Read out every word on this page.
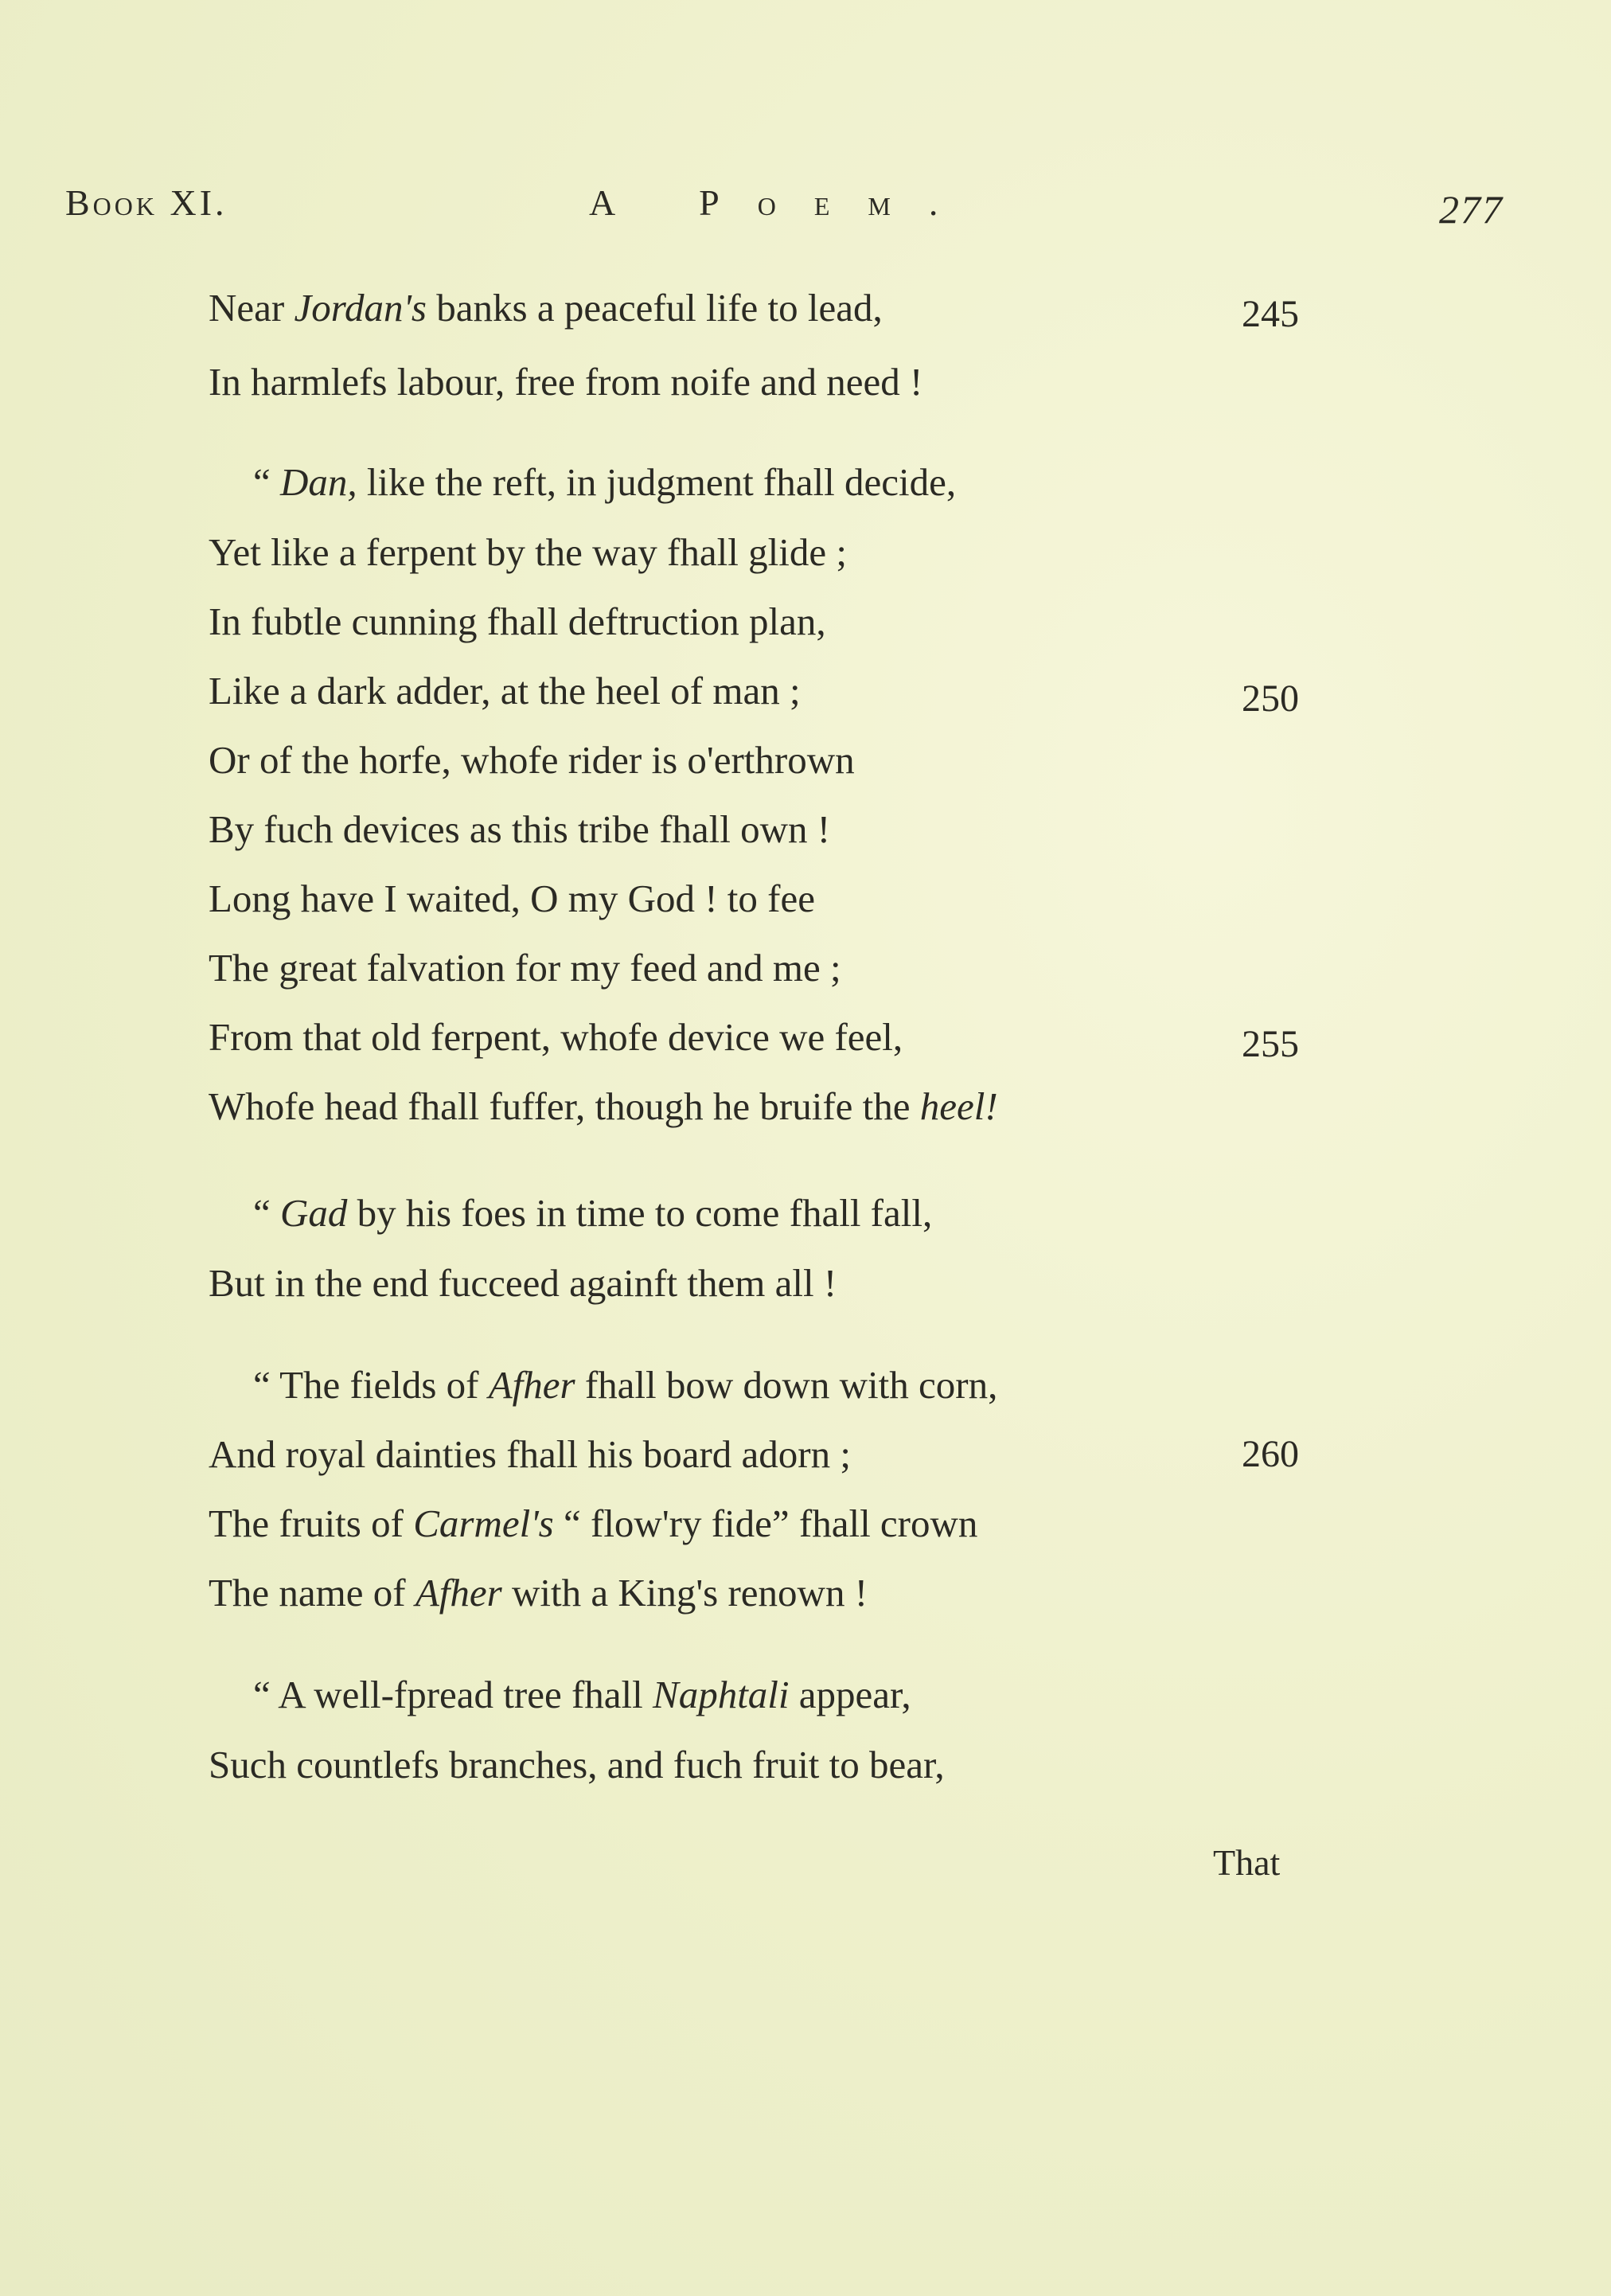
Book XI.	A Poem.	277
Near Jordan's banks a peaceful life to lead,
In harmlefs labour, free from noife and need !
“ Dan, like the reft, in judgment fhall decide,
Yet like a ferpent by the way fhall glide ;
In fubtle cunning fhall deftruction plan,
Like a dark adder, at the heel of man ;
Or of the horfe, whofe rider is o'erthrown
By fuch devices as this tribe fhall own !
Long have I waited, O my God ! to fee
The great falvation for my feed and me ;
From that old ferpent, whofe device we feel,
Whofe head fhall fuffer, though he bruife the heel!
“ Gad by his foes in time to come fhall fall,
But in the end fucceed againft them all !
“ The fields of Afher fhall bow down with corn,
And royal dainties fhall his board adorn ;
The fruits of Carmel's “ flow'ry fide” fhall crown
The name of Afher with a King's renown !
“ A well-fpread tree fhall Naphtali appear,
Such countlefs branches, and fuch fruit to bear,
245
250
255
260
That
